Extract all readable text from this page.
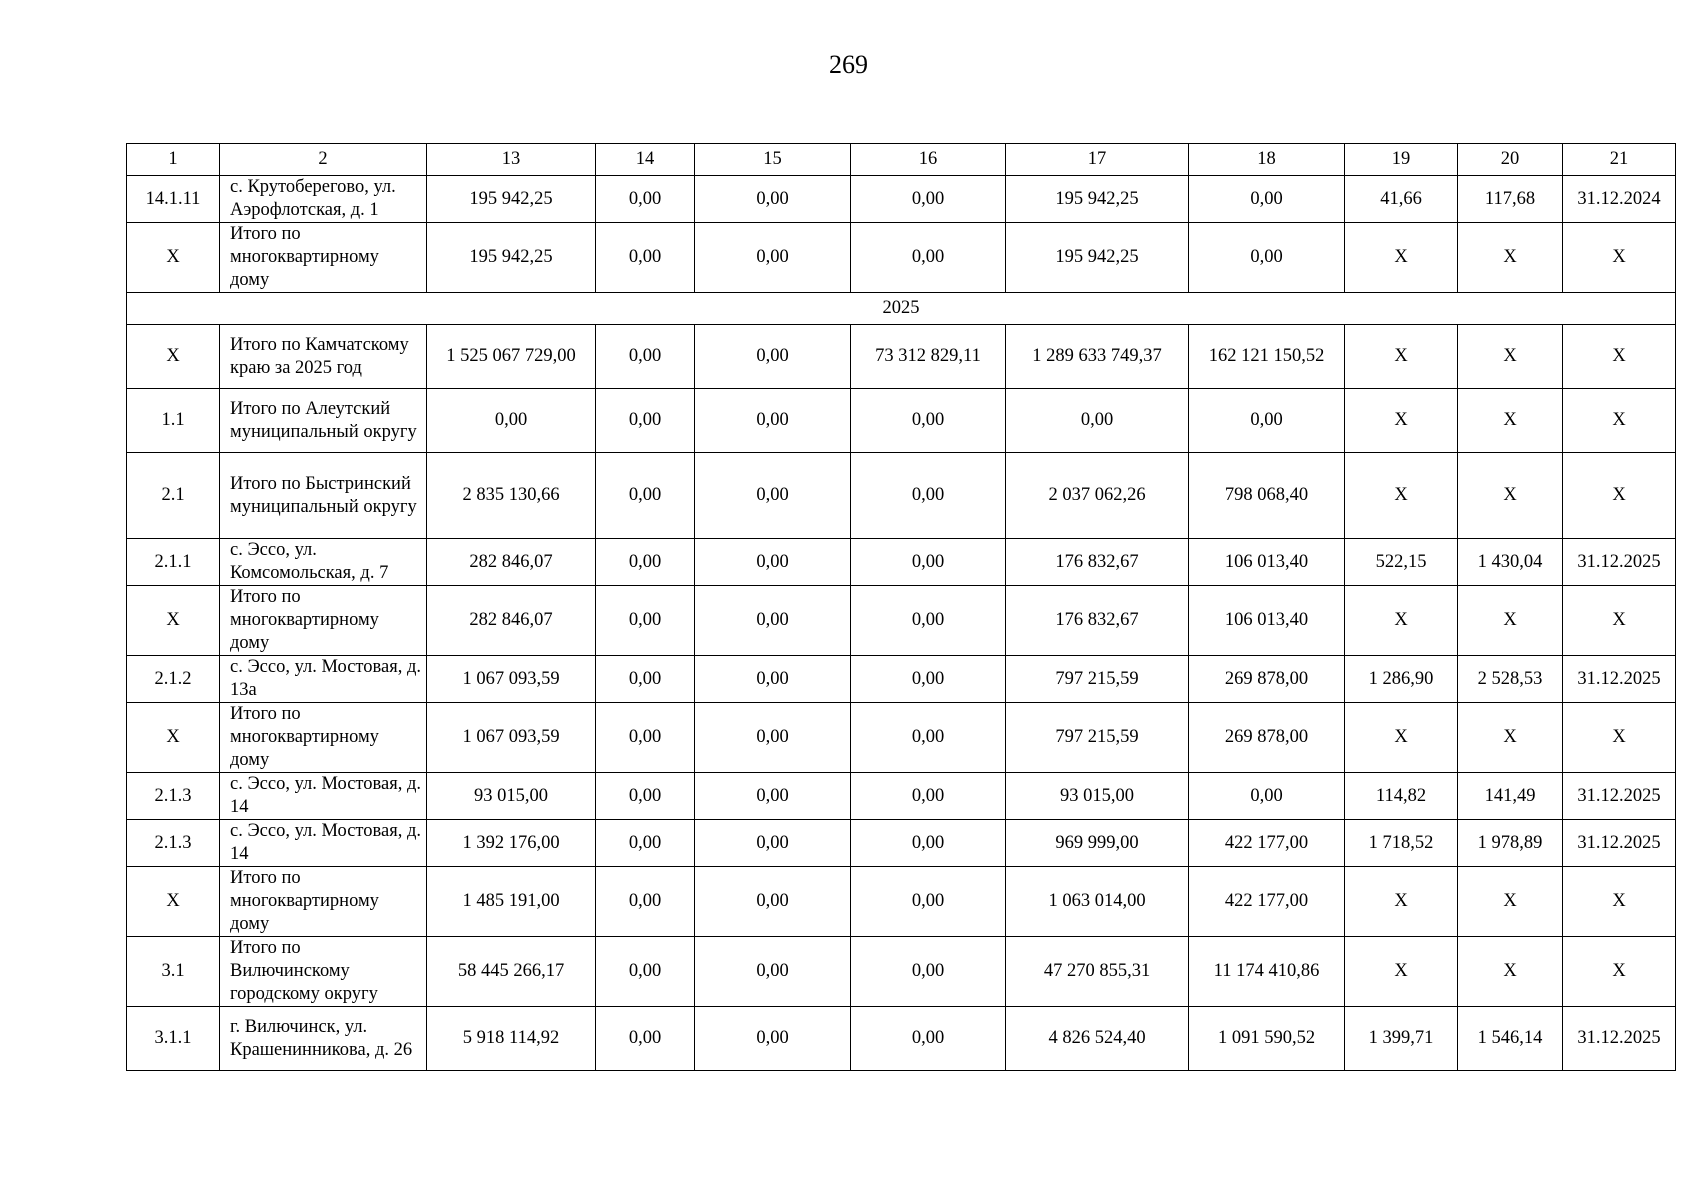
269
1	2	13	14	15	16	17	18	19	20	21
14.1.11	с. Крутоберегово, ул. Аэрофлотская, д. 1	195 942,25	0,00	0,00	0,00	195 942,25	0,00	41,66	117,68	31.12.2024
Х	Итого по многоквартирному дому	195 942,25	0,00	0,00	0,00	195 942,25	0,00	Х	Х	Х
2025										
Х	Итого по Камчатскому краю за 2025 год	1 525 067 729,00	0,00	0,00	73 312 829,11	1 289 633 749,37	162 121 150,52	Х	Х	Х
1.1	Итого по Алеутский муниципальный округу	0,00	0,00	0,00	0,00	0,00	0,00	Х	Х	Х
2.1	Итого по Быстринский муниципальный округу	2 835 130,66	0,00	0,00	0,00	2 037 062,26	798 068,40	Х	Х	Х
2.1.1	с. Эссо, ул. Комсомольская, д. 7	282 846,07	0,00	0,00	0,00	176 832,67	106 013,40	522,15	1 430,04	31.12.2025
Х	Итого по многоквартирному дому	282 846,07	0,00	0,00	0,00	176 832,67	106 013,40	Х	Х	Х
2.1.2	с. Эссо, ул. Мостовая, д. 13а	1 067 093,59	0,00	0,00	0,00	797 215,59	269 878,00	1 286,90	2 528,53	31.12.2025
Х	Итого по многоквартирному дому	1 067 093,59	0,00	0,00	0,00	797 215,59	269 878,00	Х	Х	Х
2.1.3	с. Эссо, ул. Мостовая, д. 14	93 015,00	0,00	0,00	0,00	93 015,00	0,00	114,82	141,49	31.12.2025
2.1.3	с. Эссо, ул. Мостовая, д. 14	1 392 176,00	0,00	0,00	0,00	969 999,00	422 177,00	1 718,52	1 978,89	31.12.2025
Х	Итого по многоквартирному дому	1 485 191,00	0,00	0,00	0,00	1 063 014,00	422 177,00	Х	Х	Х
3.1	Итого по Вилючинскому городскому округу	58 445 266,17	0,00	0,00	0,00	47 270 855,31	11 174 410,86	Х	Х	Х
3.1.1	г. Вилючинск, ул. Крашенинникова, д. 26	5 918 114,92	0,00	0,00	0,00	4 826 524,40	1 091 590,52	1 399,71	1 546,14	31.12.2025
